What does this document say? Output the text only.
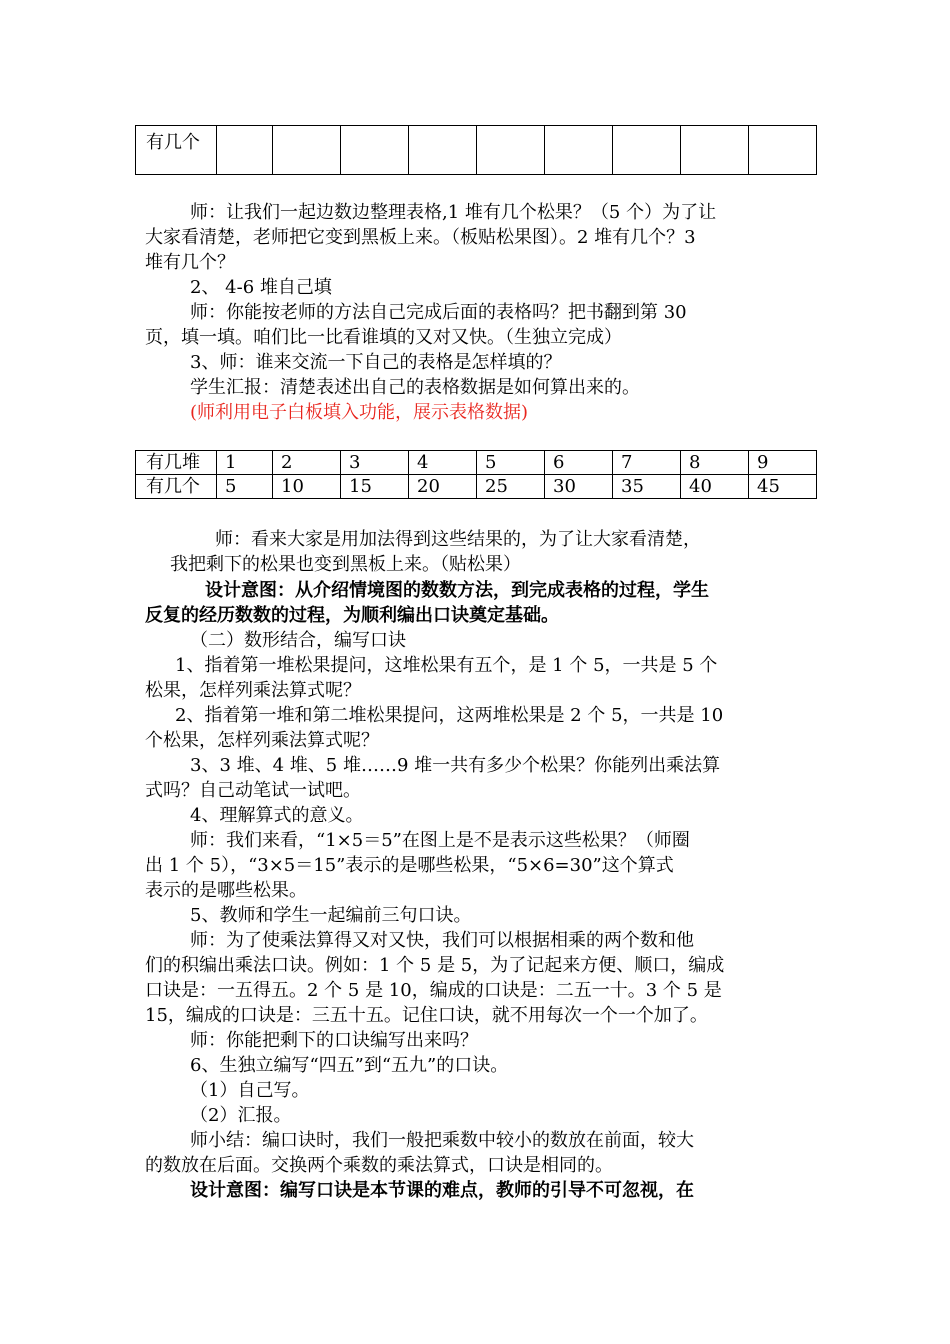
有几个									

师：让我们一起边数边整理表格,1 堆有几个松果？（5 个）为了让

大家看清楚，老师把它变到黑板上来。（板贴松果图）。2 堆有几个？3

堆有几个？

2、 4-6 堆自己填

师：你能按老师的方法自己完成后面的表格吗？把书翻到第 30

页，填一填。咱们比一比看谁填的又对又快。（生独立完成）

3、师：谁来交流一下自己的表格是怎样填的？

学生汇报：清楚表述出自己的表格数据是如何算出来的。

(师利用电子白板填入功能，展示表格数据)

有几堆	1	2	3	4	5	6	7	8	9
有几个	5	10	15	20	25	30	35	40	45

师：看来大家是用加法得到这些结果的，为了让大家看清楚，

我把剩下的松果也变到黑板上来。（贴松果）

设计意图：从介绍情境图的数数方法，到完成表格的过程，学生

反复的经历数数的过程，为顺利编出口诀奠定基础。

（二）数形结合，编写口诀

1、指着第一堆松果提问，这堆松果有五个，是 1 个 5，一共是 5 个

松果，怎样列乘法算式呢？

2、指着第一堆和第二堆松果提问，这两堆松果是 2 个 5，一共是 10

个松果，怎样列乘法算式呢？

3、3 堆、4 堆、5 堆……9 堆一共有多少个松果？你能列出乘法算

式吗？自己动笔试一试吧。

4、理解算式的意义。

师：我们来看，“1×5＝5”在图上是不是表示这些松果？（师圈

出 1 个 5），“3×5＝15”表示的是哪些松果，“5×6=30”这个算式

表示的是哪些松果。

5、教师和学生一起编前三句口诀。

师：为了使乘法算得又对又快，我们可以根据相乘的两个数和他

们的积编出乘法口诀。例如：1 个 5 是 5，为了记起来方便、顺口，编成

口诀是：一五得五。2 个 5 是 10，编成的口诀是：二五一十。3 个 5 是

15，编成的口诀是：三五十五。记住口诀，就不用每次一个一个加了。

师：你能把剩下的口诀编写出来吗？

6、生独立编写“四五”到“五九”的口诀。

（1）自己写。

（2）汇报。

师小结：编口诀时，我们一般把乘数中较小的数放在前面，较大

的数放在后面。交换两个乘数的乘法算式，口诀是相同的。

设计意图：编写口诀是本节课的难点，教师的引导不可忽视，在
